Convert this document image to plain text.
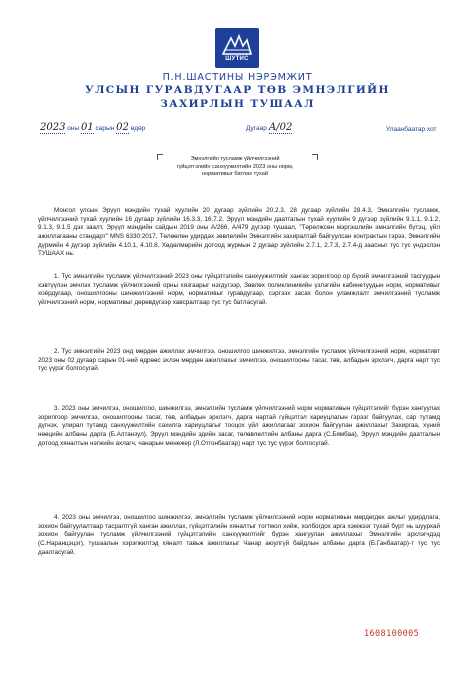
ШУТИС
П.Н.ШАСТИНЫ НЭРЭМЖИТ
УЛСЫН ГУРАВДУГААР ТӨВ ЭМНЭЛГИЙН
ЗАХИРЛЫН ТУШААЛ
2023 оны 01 сарын 02 өдөр	Дугаар А/02	Улаанбаатар хот
Эмнэлгийн тусламж үйлчилгээний
гүйцэтгэлийн санхүүжилтийн 2023 оны норм,
нормативыг батлах тухай

Монгол улсын Эрүүл мэндийн тухай хуулийн 20 дугаар зүйлийн 20.2.3, 28 дугаар зүйлийн 28.4.3, Эмнэлгийн тусламж, үйлчилгээний тухай хуулийн 16 дугаар зүйлийн 16.3.3, 16.7.2, Эрүүл мэндийн даатгалын тухай хуулийн 9 дүгээр зүйлийн 9.1.1, 9.1.2, 9.1.3, 9.1.5 дэх заалт, Эрүүл мэндийн сайдын 2019 оны А/266, А/479 дүгээр тушаал, "Төрөлжсөн мэргэшлийн эмнэлгийн бүтэц, үйл ажиллагааны стандарт" MNS 6330:2017, Төлөөлөн удирдах зөвлөлийн Эмнэлгийн захиралтай байгуулсан контрактын гэрээ, Эмнэлгийн дүрмийн 4 дүгээр зүйлийн 4.10.1, 4.10.8, Хөдөлмөрийн дотоод журмын 2 дугаар зүйлийн 2.7.1, 2.7.3, 2.7.4-д заасныг тус тус үндэслэн ТУШААХ нь:

1. Тус эмнэлгийн тусламж үйлчилгээний 2023 оны гүйцэтгэлийн санхүүжилтийг хангах зорилгоор ор бүхий эмчилгээний тасгуудын хэвтүүлэн эмчлэх тусламж үйлчилгээний орны хязгаарыг нэгдүгээр, Зөвлөх поликлиникийн үзлэгийн кабинетуудын норм, нормативыг хоёрдугаар, оношилгооны шинжилгээний норм, нормативыг гуравдугаар, сэргээх засах болон уламжлалт эмчилгээний тусламж үйлчилгээний норм, нормативыг дөрөвдүгээр хавсралтаар тус тус батласугай.

2. Тус эмнэлгийн 2023 онд мөрдөн ажиллах эмчилгээ, оношилгоо шинжилгээ, эмнэлгийн тусламж үйлчилгээний норм, нормативт 2023 оны 02 дугаар сарын 01-ний өдрөөс эхлэн мөрдөн ажиллахыг эмчилгээ, оношилгооны тасаг, төв, албадын эрхлэгч, дарга нарт тус тус үүрэг болгосугай.

3. 2023 оны эмчилгээ, оношилгоо, шинжилгээ, эмнэлгийн тусламж үйлчилгээний норм нормативын гүйцэтгэлийг бүрэн хангуулах зорилгоор эмчилгээ, оношилгооны тасаг, төв, албадын эрхлэгч, дарга нартай гүйцэтгэл хариуцлагын гэрээг байгуулах, сар тутамд дүгнэх, улирал тутамд санхүүжилтийн сахилга хариуцлагыг тооцох үйл ажиллагааг зохион байгуулан ажиллахыг Захиргаа, хүний нөөцийн албаны дарга (Б.Алтанзул), Эрүүл мэндийн эдийн засаг, төлөвлөлтийн албаны дарга (С.Бямбаа), Эрүүл мэндийн даатгалын дотоод хяналтын нэгжийн ахлагч, чанарын менежер (Л.Отгонбаатар) нарт тус тус үүрэг болгосугай.

4. 2023 оны эмчилгээ, оношилгоо шинжилгээ, эмнэлгийн тусламж үйлчилгээний норм нормативын мөрдөгдөх ажлыг удирдлага, зохион байгуулалтаар тасралтгүй ханган ажиллах, гүйцэтгэлийн хяналтыг тогтмол хийж, холбогдох арга хэмжээг тухай бүрт нь шуурхай зохион байгуулан тусламж үйлчилгээний гүйцэтгэлийн санхүүжилтийг бүрэн хангуулан ажиллахыг Эмнэлгийн эрхлэгчдэд (С.Наранцэцэг), тушаалын хэрэгжилтэд хяналт тавьж ажиллахыг Чанар аюулгүй байдлын албаны дарга (Б.Ганбаатар)-т тус тус даалгасугай.

1608100005
